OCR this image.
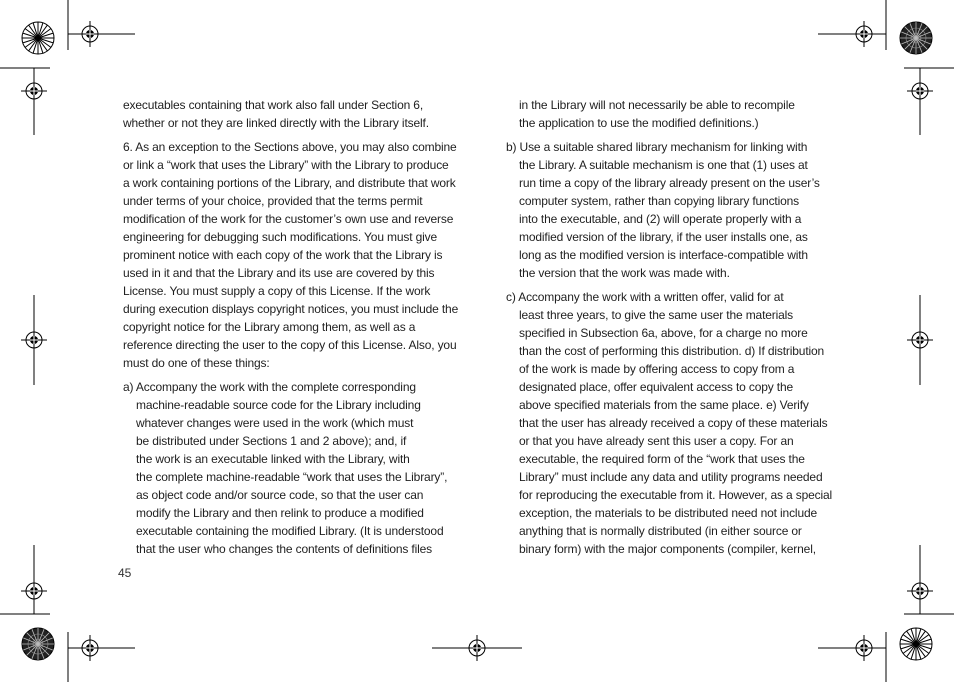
executables containing that work also fall under Section 6,
whether or not they are linked directly with the Library itself.
6. As an exception to the Sections above, you may also combine
or link a “work that uses the Library” with the Library to produce
a work containing portions of the Library, and distribute that work
under terms of your choice, provided that the terms permit
modification of the work for the customer’s own use and reverse
engineering for debugging such modifications. You must give
prominent notice with each copy of the work that the Library is
used in it and that the Library and its use are covered by this
License. You must supply a copy of this License. If the work
during execution displays copyright notices, you must include the
copyright notice for the Library among them, as well as a
reference directing the user to the copy of this License. Also, you
must do one of these things:
a) Accompany the work with the complete corresponding
machine-readable source code for the Library including
whatever changes were used in the work (which must
be distributed under Sections 1 and 2 above); and, if
the work is an executable linked with the Library, with
the complete machine-readable “work that uses the Library”,
as object code and/or source code, so that the user can
modify the Library and then relink to produce a modified
executable containing the modified Library. (It is understood
that the user who changes the contents of definitions files
in the Library will not necessarily be able to recompile
the application to use the modified definitions.)
b) Use a suitable shared library mechanism for linking with
the Library. A suitable mechanism is one that (1) uses at
run time a copy of the library already present on the user’s
computer system, rather than copying library functions
into the executable, and (2) will operate properly with a
modified version of the library, if the user installs one, as
long as the modified version is interface-compatible with
the version that the work was made with.
c) Accompany the work with a written offer, valid for at
least three years, to give the same user the materials
specified in Subsection 6a, above, for a charge no more
than the cost of performing this distribution. d) If distribution
of the work is made by offering access to copy from a
designated place, offer equivalent access to copy the
above specified materials from the same place. e) Verify
that the user has already received a copy of these materials
or that you have already sent this user a copy. For an
executable, the required form of the “work that uses the
Library” must include any data and utility programs needed
for reproducing the executable from it. However, as a special
exception, the materials to be distributed need not include
anything that is normally distributed (in either source or
binary form) with the major components (compiler, kernel,
45
